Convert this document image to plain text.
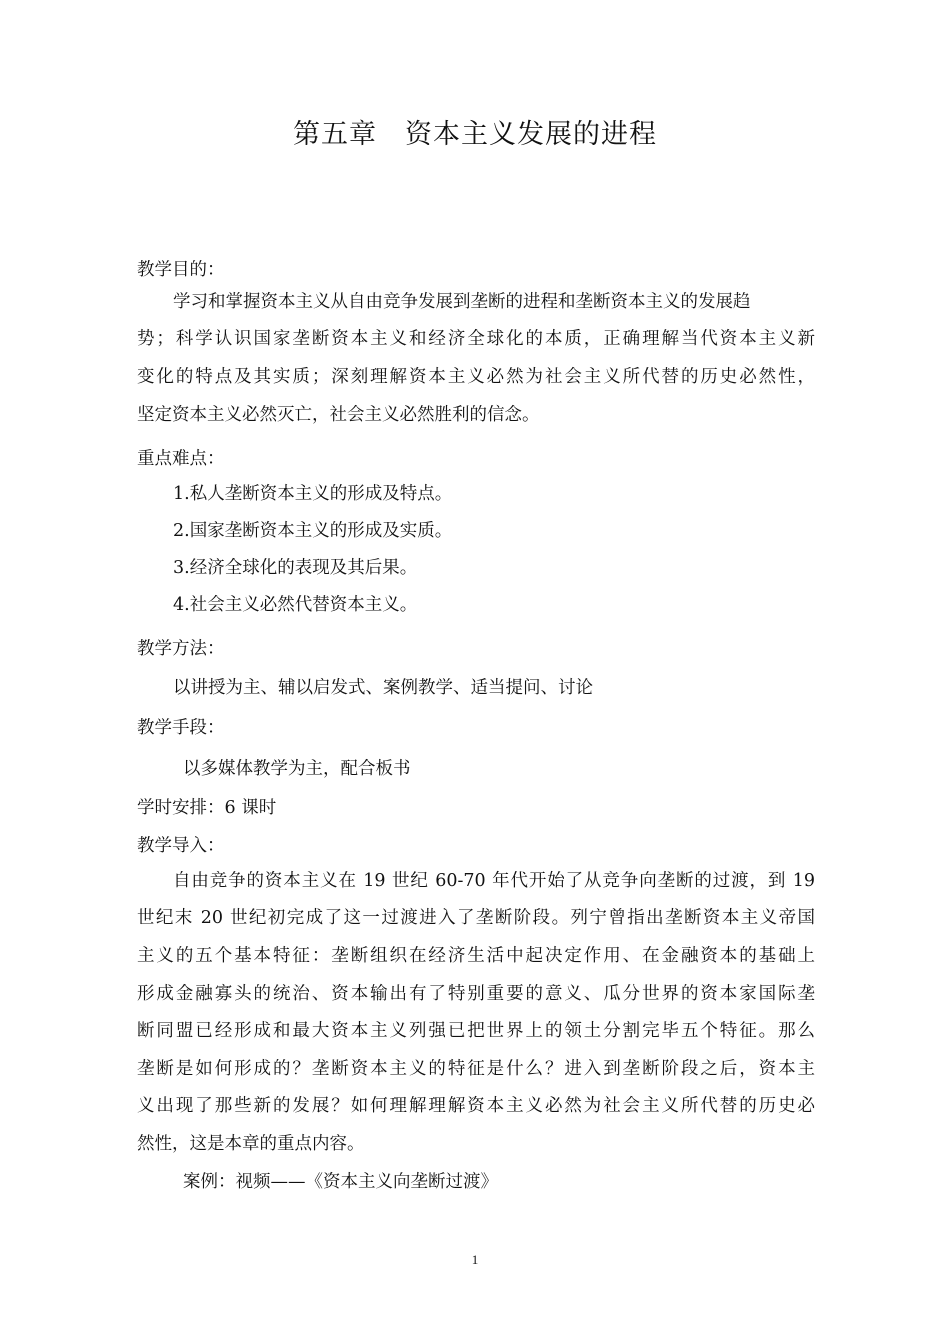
第五章　资本主义发展的进程
教学目的：
学习和掌握资本主义从自由竞争发展到垄断的进程和垄断资本主义的发展趋
势；科学认识国家垄断资本主义和经济全球化的本质，正确理解当代资本主义新
变化的特点及其实质；深刻理解资本主义必然为社会主义所代替的历史必然性，
坚定资本主义必然灭亡，社会主义必然胜利的信念。
重点难点：
1.私人垄断资本主义的形成及特点。
2.国家垄断资本主义的形成及实质。
3.经济全球化的表现及其后果。
4.社会主义必然代替资本主义。
教学方法：
以讲授为主、辅以启发式、案例教学、适当提问、讨论
教学手段：
以多媒体教学为主，配合板书
学时安排：6 课时
教学导入：
自由竞争的资本主义在 19 世纪 60-70 年代开始了从竞争向垄断的过渡，到 19
世纪末 20 世纪初完成了这一过渡进入了垄断阶段。列宁曾指出垄断资本主义帝国
主义的五个基本特征：垄断组织在经济生活中起决定作用、在金融资本的基础上
形成金融寡头的统治、资本输出有了特别重要的意义、瓜分世界的资本家国际垄
断同盟已经形成和最大资本主义列强已把世界上的领土分割完毕五个特征。那么
垄断是如何形成的？垄断资本主义的特征是什么？进入到垄断阶段之后，资本主
义出现了那些新的发展？如何理解理解资本主义必然为社会主义所代替的历史必
然性，这是本章的重点内容。
案例：视频——《资本主义向垄断过渡》
1
